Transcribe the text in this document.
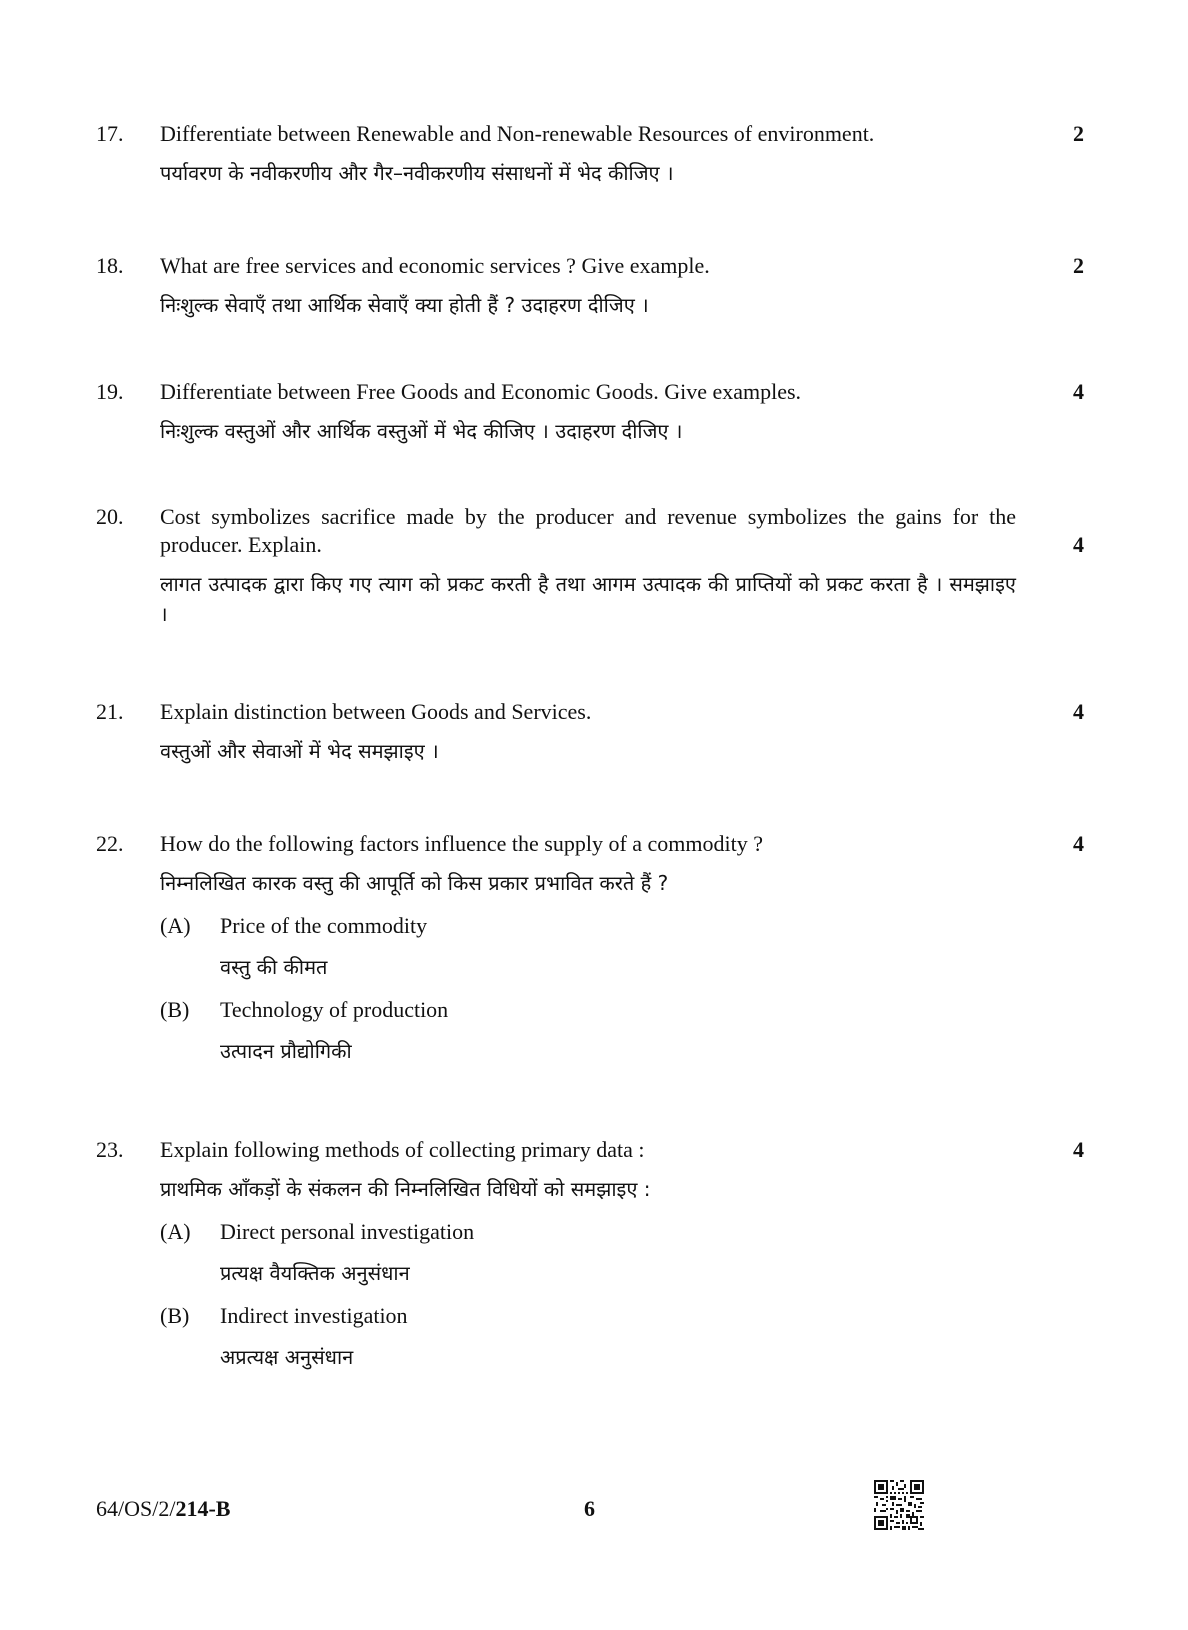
17. Differentiate between Renewable and Non-renewable Resources of environment.

पर्यावरण के नवीकरणीय और गैर–नवीकरणीय संसाधनों में भेद कीजिए ।

2
18. What are free services and economic services ? Give example.

निःशुल्क सेवाएँ तथा आर्थिक सेवाएँ क्या होती हैं ? उदाहरण दीजिए ।

2
19. Differentiate between Free Goods and Economic Goods. Give examples.

निःशुल्क वस्तुओं और आर्थिक वस्तुओं में भेद कीजिए । उदाहरण दीजिए ।

4
20. Cost symbolizes sacrifice made by the producer and revenue symbolizes the gains for the producer. Explain.

लागत उत्पादक द्वारा किए गए त्याग को प्रकट करती है तथा आगम उत्पादक की प्राप्तियों को प्रकट करता है । समझाइए ।

4
21. Explain distinction between Goods and Services.

वस्तुओं और सेवाओं में भेद समझाइए ।

4
22. How do the following factors influence the supply of a commodity ?

निम्नलिखित कारक वस्तु की आपूर्ति को किस प्रकार प्रभावित करते हैं ?

(A) Price of the commodity

वस्तु की कीमत

(B) Technology of production

उत्पादन प्रौद्योगिकी

4
23. Explain following methods of collecting primary data :

प्राथमिक आँकड़ों के संकलन की निम्नलिखित विधियों को समझाइए :

(A) Direct personal investigation

प्रत्यक्ष वैयक्तिक अनुसंधान

(B) Indirect investigation

अप्रत्यक्ष अनुसंधान

4
64/OS/2/214-B	6
